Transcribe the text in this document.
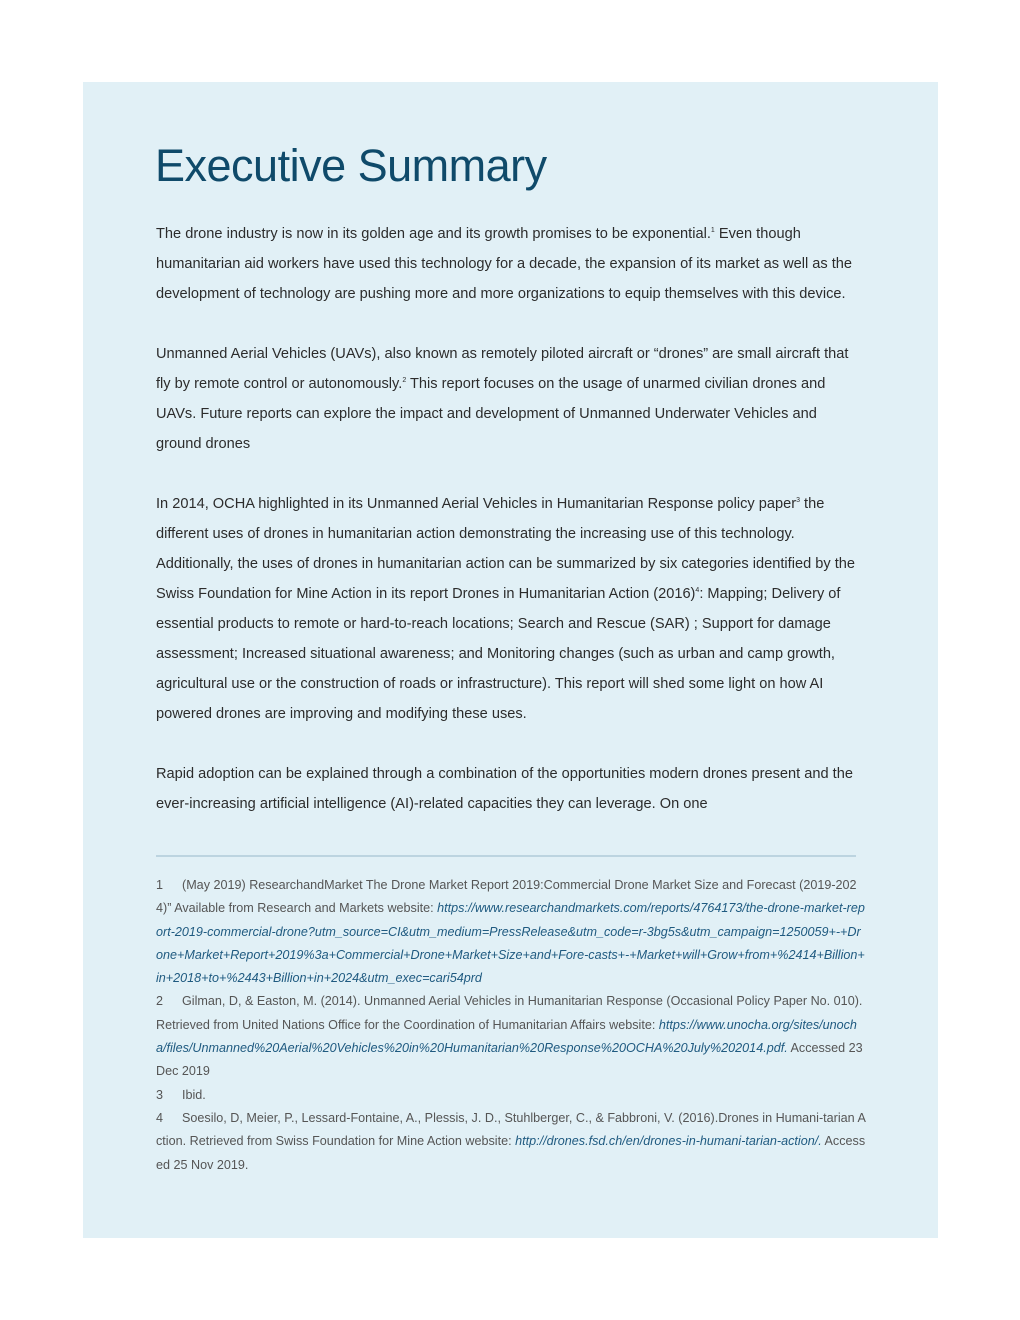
Executive Summary

The drone industry is now in its golden age and its growth promises to be exponential.$^1$ Even though humanitarian aid workers have used this technology for a decade, the expansion of its market as well as the development of technology are pushing more and more organizations to equip themselves with this device.

Unmanned Aerial Vehicles (UAVs), also known as remotely piloted aircraft or “drones” are small aircraft that fly by remote control or autonomously.$^2$ This report focuses on the usage of unarmed civilian drones and UAVs. Future reports can explore the impact and development of Unmanned Underwater Vehicles and ground drones

In 2014, OCHA highlighted in its Unmanned Aerial Vehicles in Humanitarian Response policy paper$^3$ the different uses of drones in humanitarian action demonstrating the increasing use of this technology. Additionally, the uses of drones in humanitarian action can be summarized by six categories identified by the Swiss Foundation for Mine Action in its report Drones in Humanitarian Action $(2016)^4$: Mapping; Delivery of essential products to remote or hard-to-reach locations; Search and Rescue (SAR) ; Support for damage assessment; Increased situational awareness; and Monitoring changes (such as urban and camp growth, agricultural use or the construction of roads or infrastructure). This report will shed some light on how AI powered drones are improving and modifying these uses.

Rapid adoption can be explained through a combination of the opportunities modern drones present and the ever-increasing artificial intelligence (AI)-related capacities they can leverage. On one

1 (May 2019) ResearchandMarket The Drone Market Report 2019:Commercial Drone Market Size and Forecast (2019-2024)” Available from Research and Markets website: https://www.researchandmarkets.com/reports/4764173/the-drone-market-report-2019-commercial-drone?utm_source=CI&utm_medium=PressRelease&utm_code=r-3bg5s&utm_campaign=1250059+-+Drone+Market+Report+2019%3a+Commercial+Drone+Market+Size+and+Fore-casts+-+Market+will+Grow+from+%2414+Billion+in+2018+to+%2443+Billion+in+2024&utm_exec=cari54prd

2 Gilman, D, & Easton, M. (2014). Unmanned Aerial Vehicles in Humanitarian Response (Occasional Policy Paper No. 010). Retrieved from United Nations Office for the Coordination of Humanitarian Affairs website: https://www.unocha.org/sites/unocha/files/Unmanned%20Aerial%20Vehicles%20in%20Humanitarian%20Response%20OCHA%20July%202014.pdf. Accessed 23 Dec 2019

3 Ibid.

4 Soesilo, D, Meier, P., Lessard-Fontaine, A., Plessis, J. D., Stuhlberger, C., & Fabbroni, V. (2016).Drones in Humani-tarian Action. Retrieved from Swiss Foundation for Mine Action website: http://drones.fsd.ch/en/drones-in-humani-tarian-action/. Accessed 25 Nov 2019.
